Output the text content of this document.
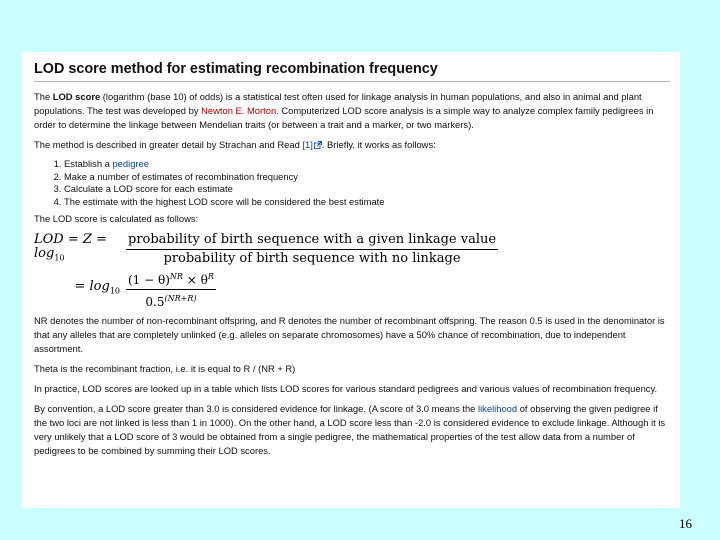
LOD score method for estimating recombination frequency

The LOD score (logarithm (base 10) of odds) is a statistical test often used for linkage analysis in human populations, and also in animal and plant populations. The test was developed by Newton E. Morton. Computerized LOD score analysis is a simple way to analyze complex family pedigrees in order to determine the linkage between Mendelian traits (or between a trait and a marker, or two markers).

The method is described in greater detail by Strachan and Read [1] . Briefly, it works as follows:

1. Establish a pedigree
2. Make a number of estimates of recombination frequency
3. Calculate a LOD score for each estimate
4. The estimate with the highest LOD score will be considered the best estimate

The LOD score is calculated as follows:

LOD = $Z = \log_{10}$	$\frac{\text{probability of birth sequence with a given linkage value}}{\text{probability of birth sequence with no linkage}}$
= $\log_{10} \frac{(1 - \theta)^{NR} \times \theta^R}{0.5^{(NR+R)}}$

NR denotes the number of non-recombinant offspring, and R denotes the number of recombinant offspring. The reason 0.5 is used in the denominator is that any alleles that are completely unlinked (e.g. alleles on separate chromosomes) have a 50% chance of recombination, due to independent assortment.

Theta is the recombinant fraction, i.e. it is equal to R / (NR + R)

In practice, LOD scores are looked up in a table which lists LOD scores for various standard pedigrees and various values of recombination frequency.

By convention, a LOD score greater than 3.0 is considered evidence for linkage. (A score of 3.0 means the likelihood of observing the given pedigree if the two loci are not linked is less than 1 in 1000). On the other hand, a LOD score less than -2.0 is considered evidence to exclude linkage. Although it is very unlikely that a LOD score of 3 would be obtained from a single pedigree, the mathematical properties of the test allow data from a number of pedigrees to be combined by summing their LOD scores.

16
